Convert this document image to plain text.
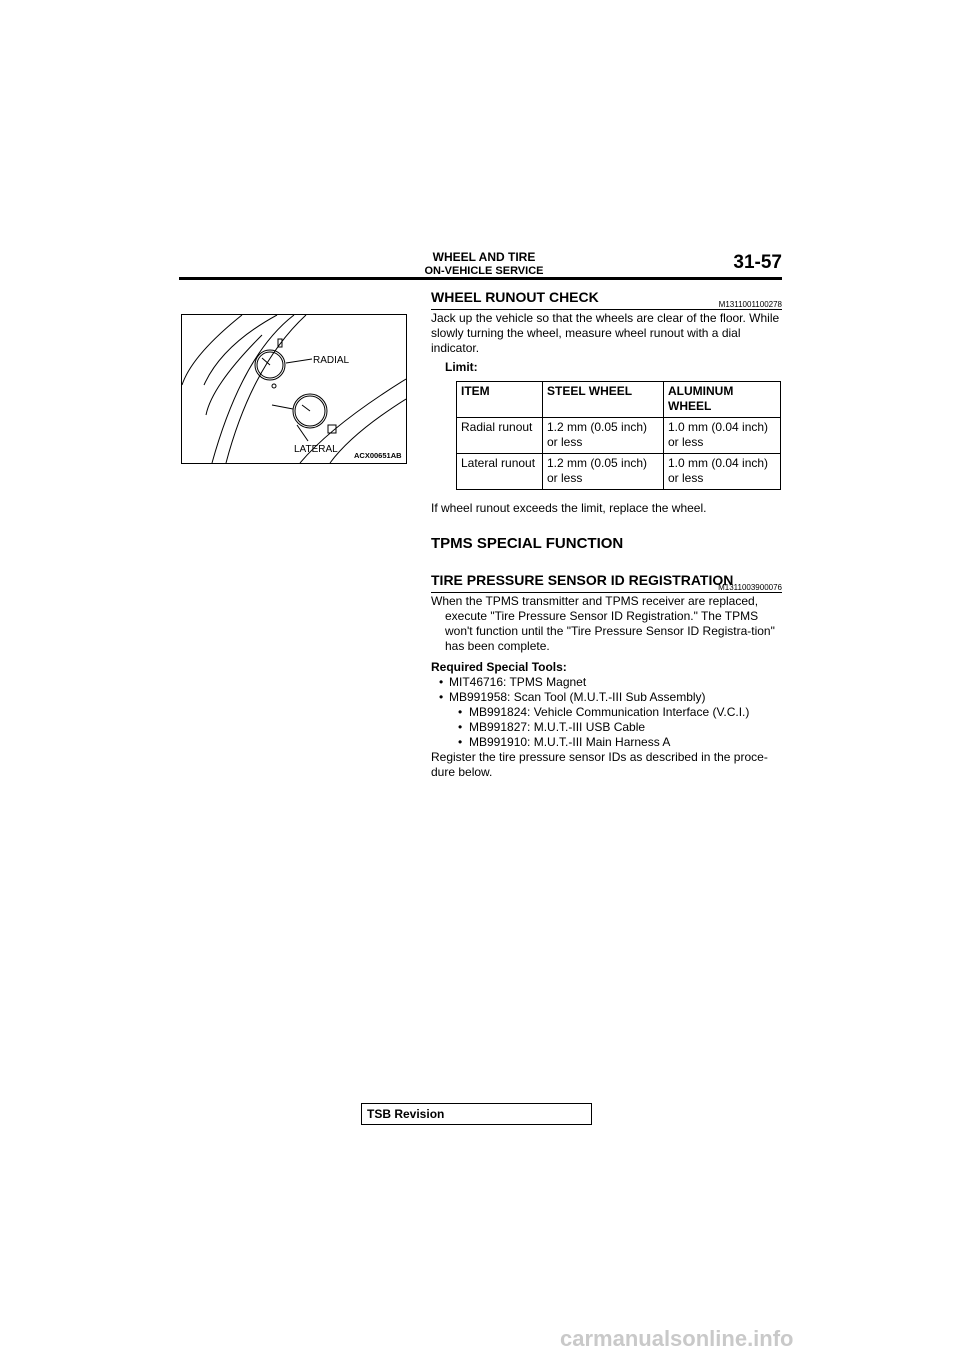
WHEEL AND TIRE
ON-VEHICLE SERVICE	31-57
RADIAL
LATERAL
ACX00651AB
WHEEL RUNOUT CHECK	M1311001100278
Jack up the vehicle so that the wheels are clear of the floor. While slowly turning the wheel, measure wheel runout with a dial indicator.
Limit:
ITEM	STEEL WHEEL	ALUMINUM WHEEL
Radial runout	1.2 mm (0.05 inch) or less	1.0 mm (0.04 inch) or less
Lateral runout	1.2 mm (0.05 inch) or less	1.0 mm (0.04 inch) or less
If wheel runout exceeds the limit, replace the wheel.
TPMS SPECIAL FUNCTION
TIRE PRESSURE SENSOR ID REGISTRATION
M1311003900076
When the TPMS transmitter and TPMS receiver are replaced, execute "Tire Pressure Sensor ID Registration." The TPMS won't function until the "Tire Pressure Sensor ID Registra-tion" has been complete.
Required Special Tools:
• MIT46716: TPMS Magnet
• MB991958: Scan Tool (M.U.T.-III Sub Assembly)
• MB991824: Vehicle Communication Interface (V.C.I.)
• MB991827: M.U.T.-III USB Cable
• MB991910: M.U.T.-III Main Harness A
Register the tire pressure sensor IDs as described in the proce-dure below.
TSB Revision
carmanualsonline.info
